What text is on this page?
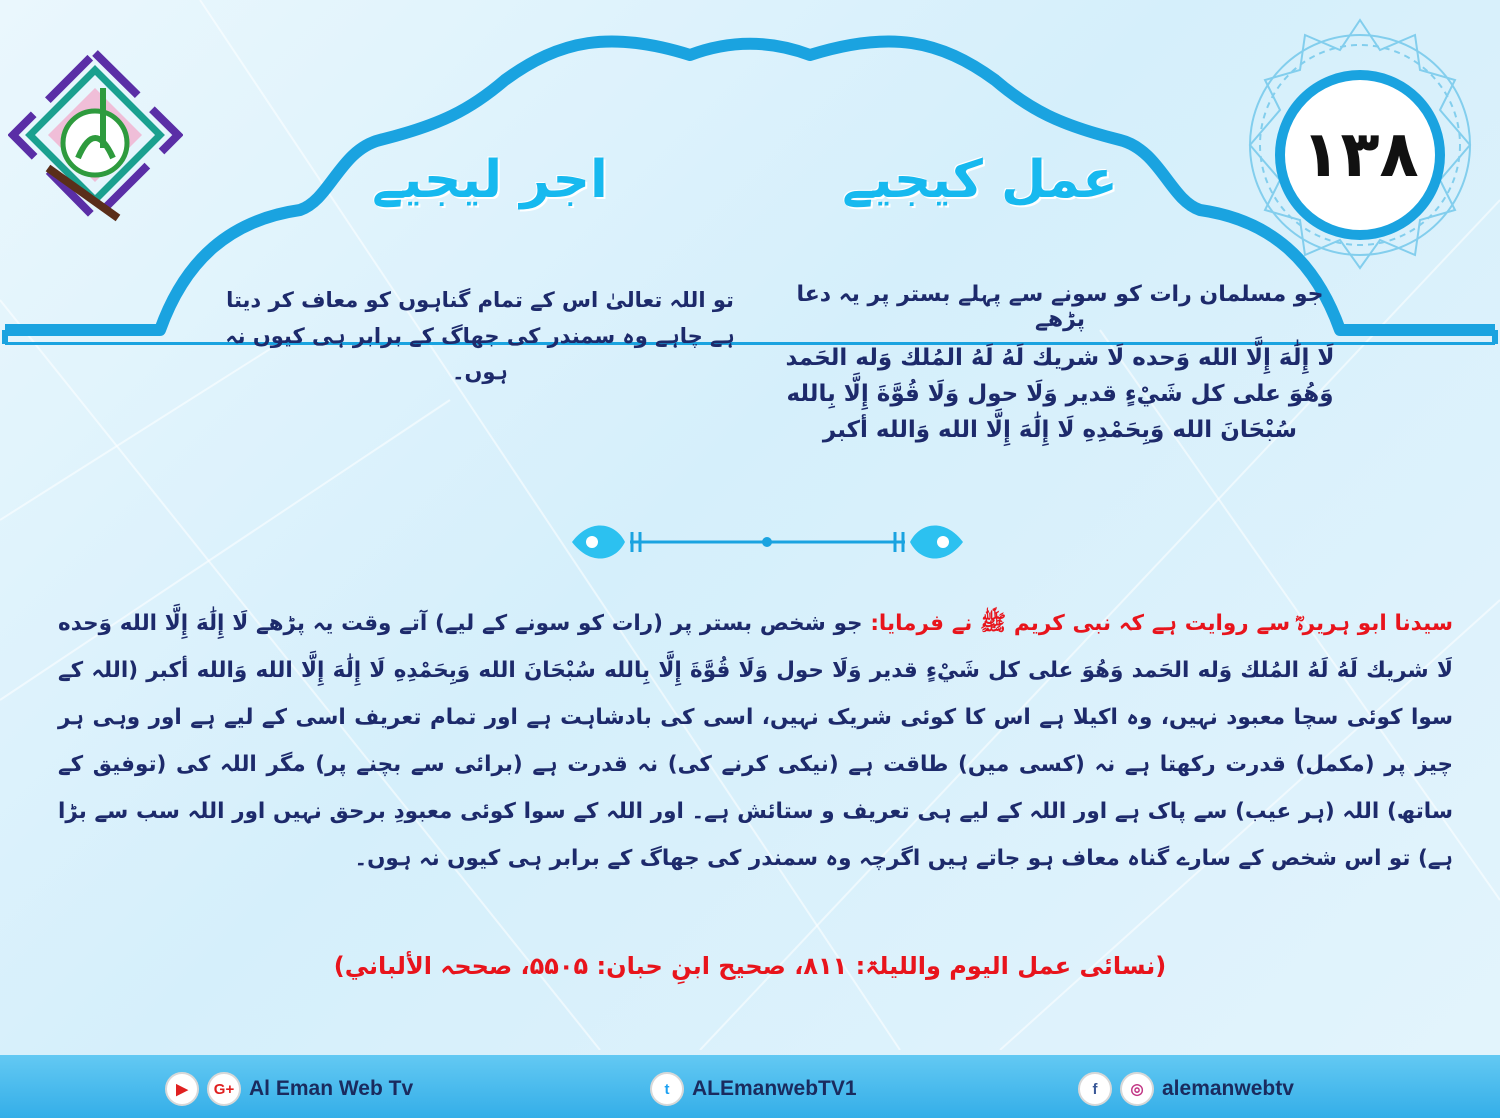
۱۳۸
عمل کیجیے
اجر لیجیے
جو مسلمان رات کو سونے سے پہلے بستر پر یہ دعا پڑھے
لَا إِلَٰهَ إِلَّا الله وَحده لَا شريك لَهُ لَهُ المُلك وَله الحَمد وَهُوَ على كل شَيْءٍ قدير وَلَا حول وَلَا قُوَّةَ إِلَّا بِالله سُبْحَانَ الله وَبِحَمْدِهِ لَا إِلَٰهَ إِلَّا الله وَالله أكبر
تو اللہ تعالیٰ اس کے تمام گناہوں کو معاف کر دیتا ہے چاہے وہ سمندر کی جھاگ کے برابر ہی کیوں نہ ہوں۔
سیدنا ابو ہریرہؓ سے روایت ہے کہ نبی کریم ﷺ نے فرمایا: جو شخص بستر پر (رات کو سونے کے لیے) آتے وقت یہ پڑھے لَا إِلَٰهَ إِلَّا الله وَحده لَا شريك لَهُ لَهُ المُلك وَله الحَمد وَهُوَ على كل شَيْءٍ قدير وَلَا حول وَلَا قُوَّةَ إِلَّا بِالله سُبْحَانَ الله وَبِحَمْدِهِ لَا إِلَٰهَ إِلَّا الله وَالله أكبر (اللہ کے سوا کوئی سچا معبود نہیں، وہ اکیلا ہے اس کا کوئی شریک نہیں، اسی کی بادشاہت ہے اور تمام تعریف اسی کے لیے ہے اور وہی ہر چیز پر (مکمل) قدرت رکھتا ہے نہ (کسی میں) طاقت ہے (نیکی کرنے کی) نہ قدرت ہے (برائی سے بچنے پر) مگر اللہ کی (توفیق کے ساتھ) اللہ (ہر عیب) سے پاک ہے اور اللہ کے لیے ہی تعریف و ستائش ہے۔ اور اللہ کے سوا کوئی معبودِ برحق نہیں اور اللہ سب سے بڑا ہے) تو اس شخص کے سارے گناہ معاف ہو جاتے ہیں اگرچہ وہ سمندر کی جھاگ کے برابر ہی کیوں نہ ہوں۔
(نسائی عمل الیوم واللیلۃ: ۸۱۱، صحیح ابنِ حبان: ۵۵۰۵، صححہ الألباني)
▶	G+ Al Eman Web Tv	t	ALEmanwebTV1	f	◎ alemanwebtv
